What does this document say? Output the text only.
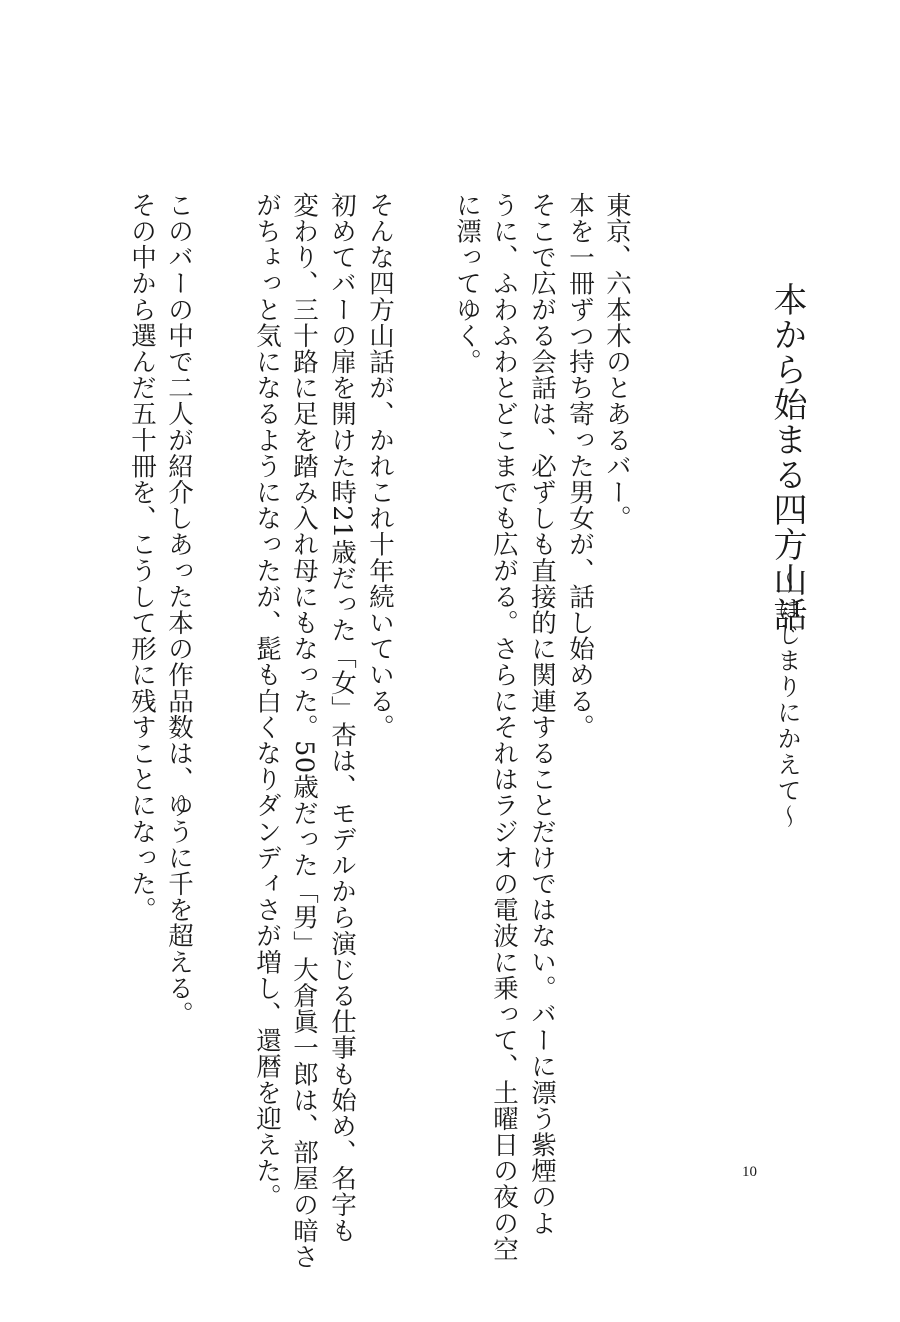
本から始まる四方山話
～はじまりにかえて～
東京、六本木のとあるバー。
本を一冊ずつ持ち寄った男女が、話し始める。
そこで広がる会話は、必ずしも直接的に関連することだけではない。バーに漂う紫煙のよ
うに、ふわふわとどこまでも広がる。さらにそれはラジオの電波に乗って、土曜日の夜の空
に漂ってゆく。
そんな四方山話が、かれこれ十年続いている。
初めてバーの扉を開けた時21歳だった「女」杏は、モデルから演じる仕事も始め、名字も
変わり、三十路に足を踏み入れ母にもなった。50歳だった「男」大倉眞一郎は、部屋の暗さ
がちょっと気になるようになったが、髭も白くなりダンディさが増し、還暦を迎えた。
このバーの中で二人が紹介しあった本の作品数は、ゆうに千を超える。
その中から選んだ五十冊を、こうして形に残すことになった。
10
